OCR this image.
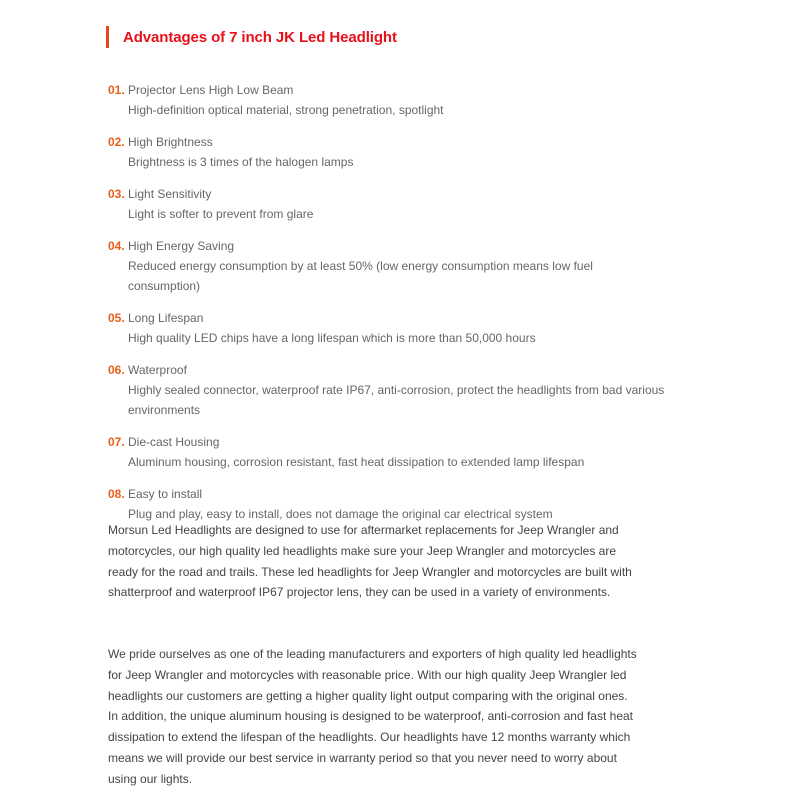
Advantages of 7 inch JK Led Headlight
01. Projector Lens High Low Beam
High-definition optical material, strong penetration, spotlight
02. High Brightness
Brightness is 3 times of the halogen lamps
03. Light Sensitivity
Light is softer to prevent from glare
04. High Energy Saving
Reduced energy consumption by at least 50% (low energy consumption means low fuel consumption)
05. Long Lifespan
High quality LED chips have a long lifespan which is more than 50,000 hours
06. Waterproof
Highly sealed connector, waterproof rate IP67, anti-corrosion, protect the headlights from bad various environments
07. Die-cast Housing
Aluminum housing, corrosion resistant, fast heat dissipation to extended lamp lifespan
08. Easy to install
Plug and play, easy to install, does not damage the original car electrical system

Morsun Led Headlights are designed to use for aftermarket replacements for Jeep Wrangler and motorcycles, our high quality led headlights make sure your Jeep Wrangler and motorcycles are ready for the road and trails. These led headlights for Jeep Wrangler and motorcycles are built with shatterproof and waterproof IP67 projector lens, they can be used in a variety of environments.

We pride ourselves as one of the leading manufacturers and exporters of high quality led headlights for Jeep Wrangler and motorcycles with reasonable price. With our high quality Jeep Wrangler led headlights our customers are getting a higher quality light output comparing with the original ones. In addition, the unique aluminum housing is designed to be waterproof, anti-corrosion and fast heat dissipation to extend the lifespan of the headlights. Our headlights have 12 months warranty which means we will provide our best service in warranty period so that you never need to worry about using our lights.
